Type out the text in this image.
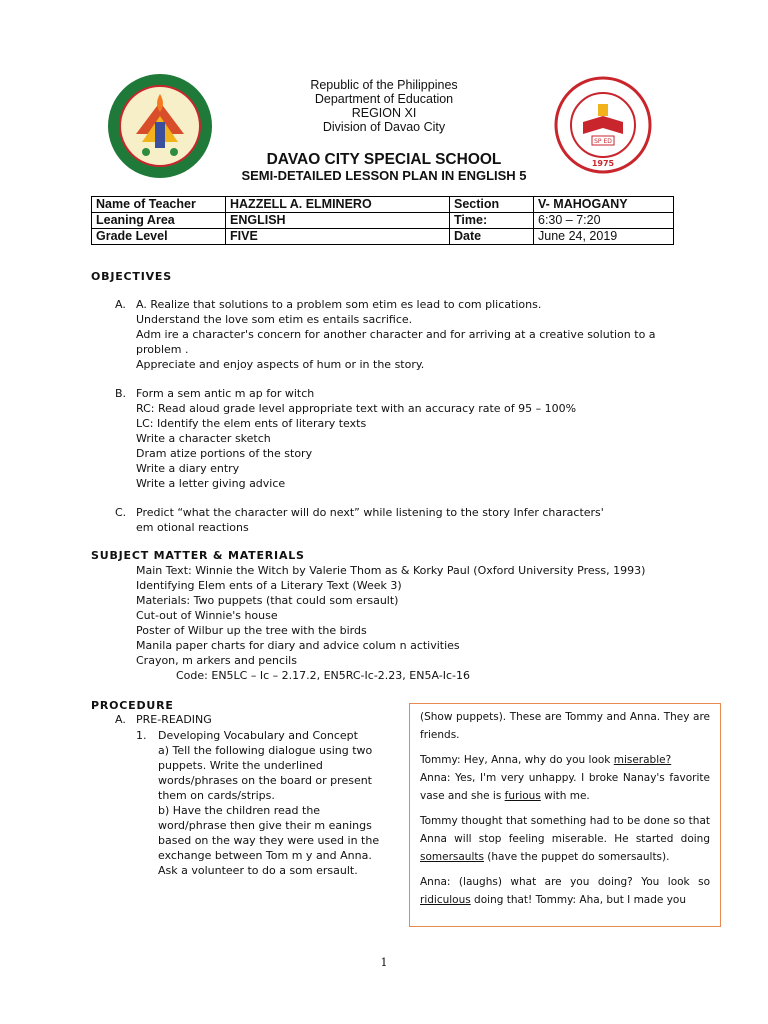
SP ED
1975
Republic of the Philippines
Department of Education
REGION XI
Division of Davao City
DAVAO CITY SPECIAL SCHOOL
SEMI-DETAILED LESSON PLAN IN ENGLISH 5
Name of Teacher	HAZZELL A. ELMINERO	Section	V- MAHOGANY
Leaning Area	ENGLISH	Time:	6:30 – 7:20
Grade Level	FIVE	Date	June 24, 2019
OBJECTIVES
A. A. Realize that solutions to a problem som etim es lead to com plications.
Understand the love som etim es entails sacrifice.
Adm ire a character's concern for another character and for arriving at a creative solution to a
problem .
Appreciate and enjoy aspects of hum or in the story.
B. Form a sem antic m ap for witch
RC: Read aloud grade level appropriate text with an accuracy rate of 95 – 100%
LC: Identify the elem ents of literary texts
Write a character sketch
Dram atize portions of the story
Write a diary entry
Write a letter giving advice
C. Predict “what the character will do next” while listening to the story Infer characters'
em otional reactions
SUBJECT MATTER & MATERIALS
Main Text: Winnie the Witch by Valerie Thom as & Korky Paul (Oxford University Press, 1993)
Identifying Elem ents of a Literary Text (Week 3)
Materials: Two puppets (that could som ersault)
Cut-out of Winnie's house
Poster of Wilbur up the tree with the birds
Manila paper charts for diary and advice colum n activities
Crayon, m arkers and pencils
Code: EN5LC – Ic – 2.17.2, EN5RC-Ic-2.23, EN5A-Ic-16
PROCEDURE
A. PRE-READING
1. Developing Vocabulary and Concept
a) Tell the following dialogue using two
puppets. Write the underlined
words/phrases on the board or present
them on cards/strips.
b) Have the children read the
word/phrase then give their m eanings
based on the way they were used in the
exchange between Tom m y and Anna.
Ask a volunteer to do a som ersault.

(Show puppets). These are Tommy and Anna. They are friends.

Tommy: Hey, Anna, why do you look miserable?
Anna: Yes, I'm very unhappy. I broke Nanay's favorite vase and she is furious with me.

Tommy thought that something had to be done so that Anna will stop feeling miserable. He started doing somersaults (have the puppet do somersaults).

Anna: (laughs) what are you doing? You look so ridiculous doing that! Tommy: Aha, but I made you

1
